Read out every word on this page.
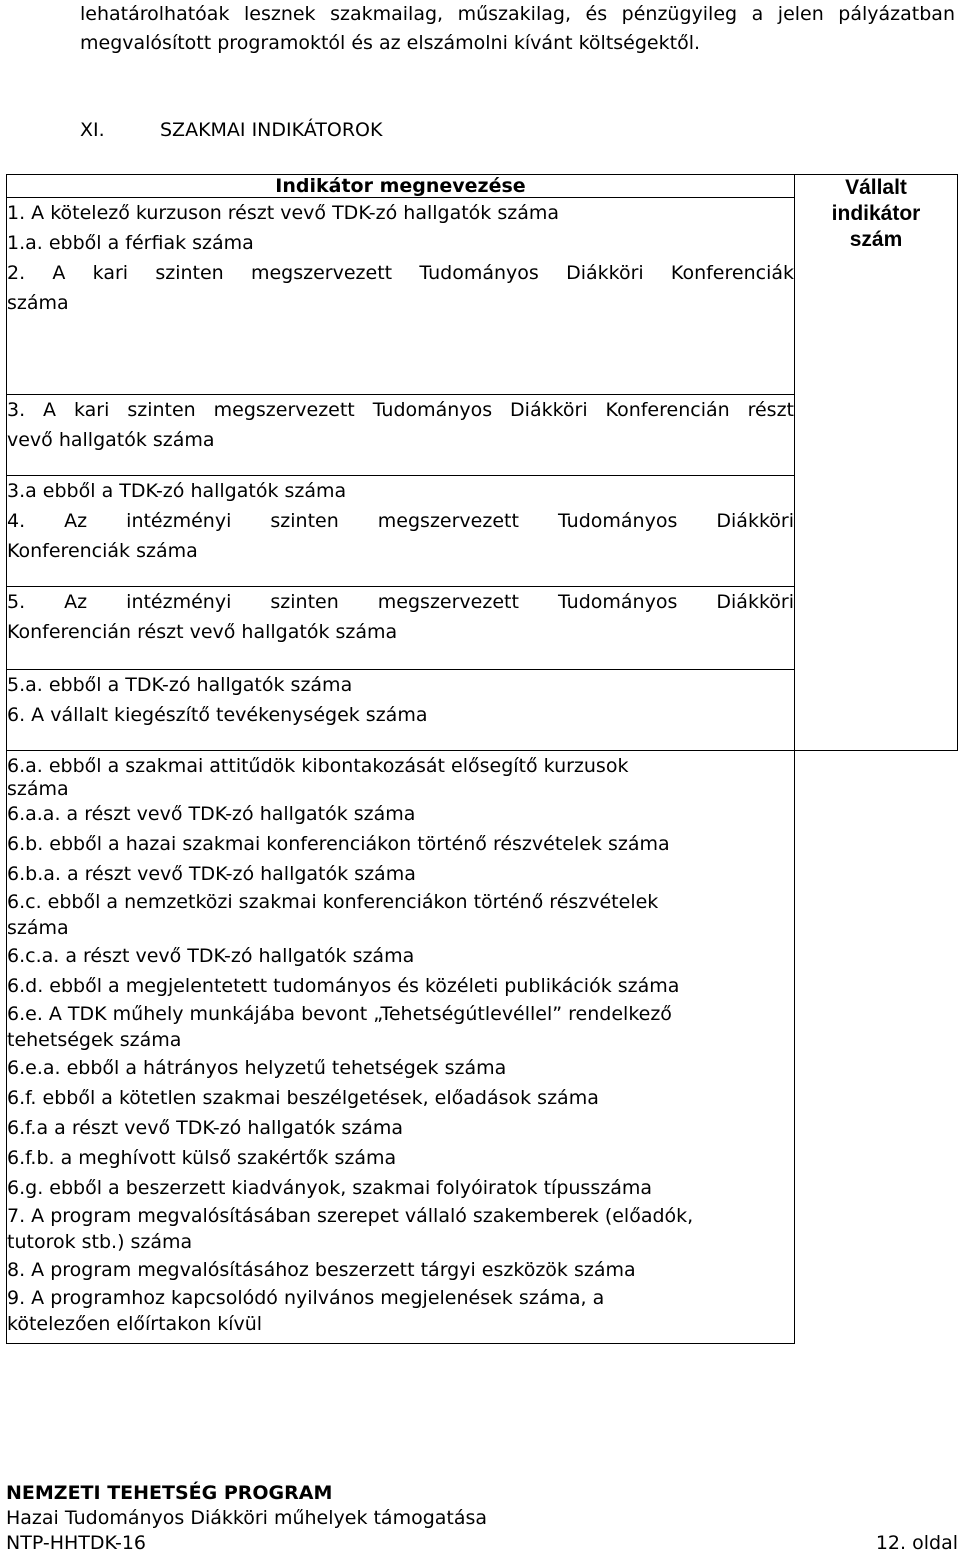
lehatárolhatóak lesznek szakmailag, műszakilag, és pénzügyileg a jelen pályázatban megvalósított programoktól és az elszámolni kívánt költségektől.

XI.	SZAKMAI INDIKÁTOROK
Indikátor megnevezése	Vállalt
indikátor
szám

1. A kötelező kurzuson részt vevő TDK-zó hallgatók száma
1.a. ebből a férfiak száma
2. A kari szinten megszervezett Tudományos Diákköri Konferenciák
száma

3. A kari szinten megszervezett Tudományos Diákköri Konferencián részt
vevő hallgatók száma

3.a ebből a TDK-zó hallgatók száma
4. Az intézményi szinten megszervezett Tudományos Diákköri
Konferenciák száma

5. Az intézményi szinten megszervezett Tudományos Diákköri
Konferencián részt vevő hallgatók száma

5.a. ebből a TDK-zó hallgatók száma
6. A vállalt kiegészítő tevékenységek száma

6.a. ebből a szakmai attitűdök kibontakozását elősegítő kurzusok
száma
6.a.a. a részt vevő TDK-zó hallgatók száma
6.b. ebből a hazai szakmai konferenciákon történő részvételek száma
6.b.a. a részt vevő TDK-zó hallgatók száma
6.c. ebből a nemzetközi szakmai konferenciákon történő részvételek
száma
6.c.a. a részt vevő TDK-zó hallgatók száma
6.d. ebből a megjelentetett tudományos és közéleti publikációk száma
6.e. A TDK műhely munkájába bevont „Tehetségútlevéllel” rendelkező
tehetségek száma
6.e.a. ebből a hátrányos helyzetű tehetségek száma
6.f. ebből a kötetlen szakmai beszélgetések, előadások száma
6.f.a a részt vevő TDK-zó hallgatók száma
6.f.b. a meghívott külső szakértők száma
6.g. ebből a beszerzett kiadványok, szakmai folyóiratok típusszáma
7. A program megvalósításában szerepet vállaló szakemberek (előadók,
tutorok stb.) száma
8. A program megvalósításához beszerzett tárgyi eszközök száma
9. A programhoz kapcsolódó nyilvános megjelenések száma, a
kötelezően előírtakon kívül
NEMZETI TEHETSÉG PROGRAM
Hazai Tudományos Diákköri műhelyek támogatása
NTP-HHTDK-16	12. oldal
